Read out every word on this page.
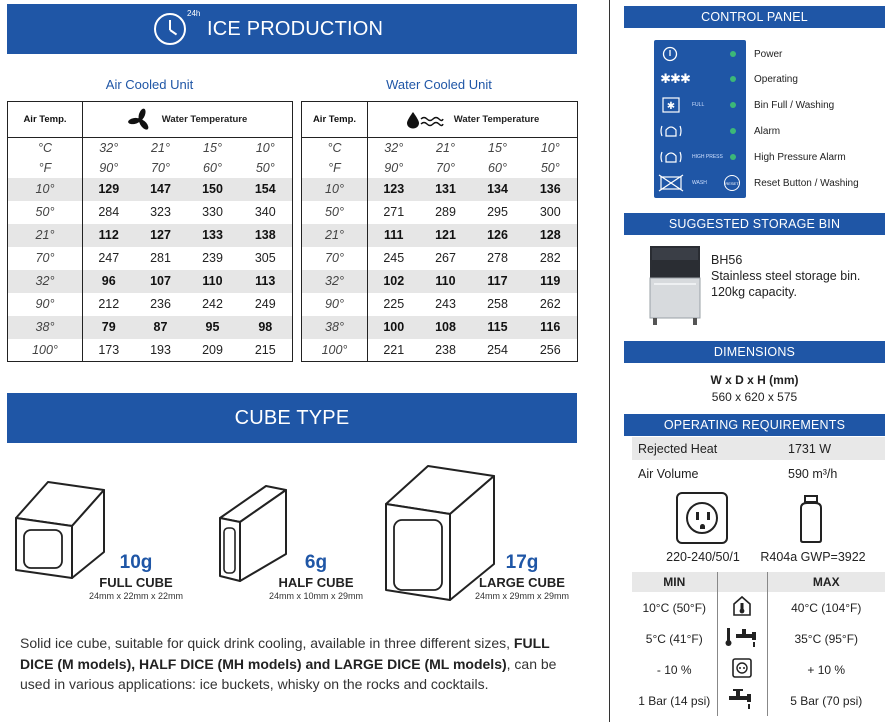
24h
ICE PRODUCTION
Air Cooled Unit	Water Cooled Unit
Air Temp.	Water Temperature			

°C	32°	21°	15°	10°
°F	90°	70°	60°	50°
10°	129	147	150	154
50°	284	323	330	340
21°	112	127	133	138
70°	247	281	239	305
32°	96	107	110	113
90°	212	236	242	249
38°	79	87	95	98
100°	173	193	209	215
Air Temp.	Water Temperature			

°C	32°	21°	15°	10°
°F	90°	70°	60°	50°
10°	123	131	134	136
50°	271	289	295	300
21°	111	121	126	128
70°	245	267	278	282
32°	102	110	117	119
90°	225	243	258	262
38°	100	108	115	116
100°	221	238	254	256
CUBE TYPE
10g
FULL CUBE
24mm x 22mm x 22mm
6g
HALF CUBE
24mm x 10mm x 29mm
17g
LARGE CUBE
24mm x 29mm x 29mm

Solid ice cube, suitable for quick drink cooling, available in three different sizes, FULL DICE (M models), HALF DICE (MH models) and LARGE DICE (ML models), can be used in various applications: ice buckets, whisky on the rocks and cocktails.

CONTROL PANEL
Power
✱✱✱	Operating
✱	FULL	Bin Full / Washing
Alarm
HIGH PRESS	High Pressure Alarm
WASH	RESET Reset Button / Washing
SUGGESTED STORAGE BIN
BH56
Stainless steel storage bin.
120kg capacity.
DIMENSIONS
W x D x H (mm)
560 x 620 x 575
OPERATING REQUIREMENTS
Rejected Heat	1731 W
Air Volume	590 m³/h
220-240/50/1	R404a GWP=3922
MIN		MAX
10°C (50°F)		40°C (104°F)
5°C (41°F)		35°C (95°F)
- 10 %		+ 10 %
1 Bar (14 psi)		5 Bar (70 psi)
